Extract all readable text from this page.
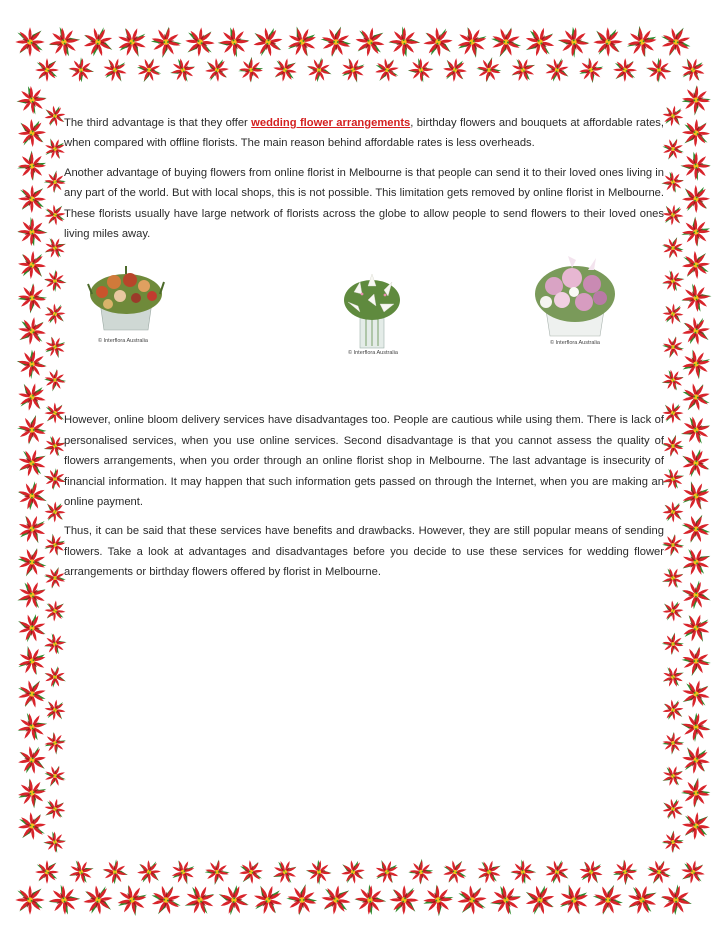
The third advantage is that they offer wedding flower arrangements, birthday flowers and bouquets at affordable rates, when compared with offline florists. The main reason behind affordable rates is less overheads.

Another advantage of buying flowers from online florist in Melbourne is that people can send it to their loved ones living in any part of the world. But with local shops, this is not possible. This limitation gets removed by online florist in Melbourne. These florists usually have large network of florists across the globe to allow people to send flowers to their loved ones living miles away.

© Interflora Australia
© Interflora Australia
© Interflora Australia

However, online bloom delivery services have disadvantages too. People are cautious while using them. There is lack of personalised services, when you use online services. Second disadvantage is that you cannot assess the quality of flowers arrangements, when you order through an online florist shop in Melbourne. The last advantage is insecurity of financial information. It may happen that such information gets passed on through the Internet, when you are making an online payment.

Thus, it can be said that these services have benefits and drawbacks. However, they are still popular means of sending flowers. Take a look at advantages and disadvantages before you decide to use these services for wedding flower arrangements or birthday flowers offered by florist in Melbourne.
